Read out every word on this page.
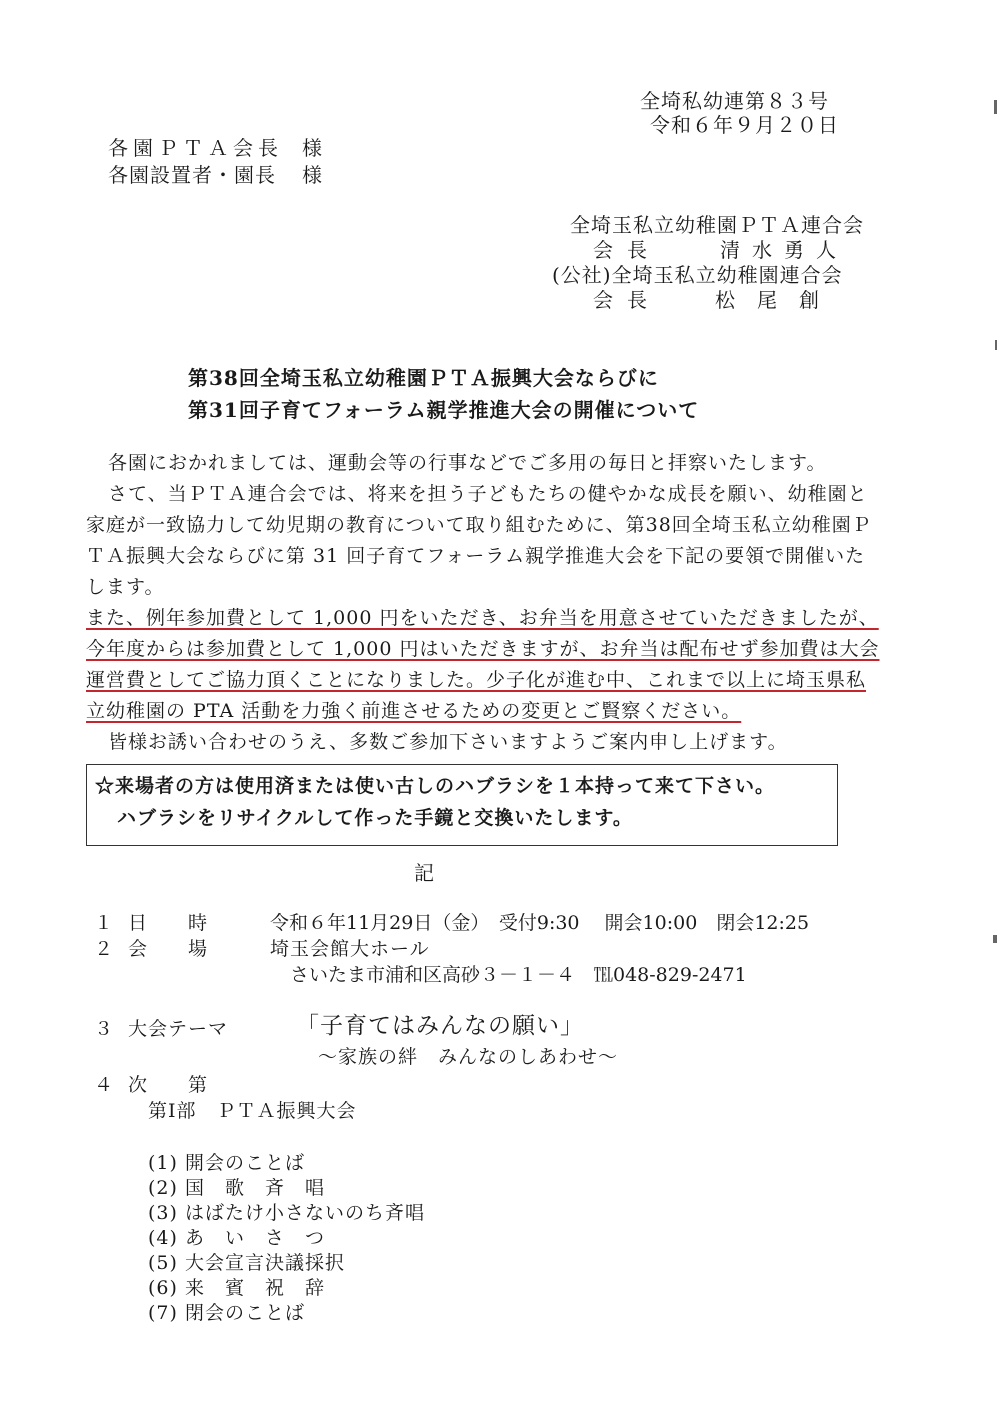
全埼私幼連第８３号
令和６年９月２０日
各園ＰＴＡ会長 様
各園設置者・園長 様
全埼玉私立幼稚園ＰＴＡ連合会
会長	清水勇人
(公社)全埼玉私立幼稚園連合会
会長	松尾創
第38回全埼玉私立幼稚園ＰＴＡ振興大会ならびに
第31回子育てフォーラム親学推進大会の開催について
各園におかれましては、運動会等の行事などでご多用の毎日と拝察いたします。
さて、当ＰＴＡ連合会では、将来を担う子どもたちの健やかな成長を願い、幼稚園と
家庭が一致協力して幼児期の教育について取り組むために、第38回全埼玉私立幼稚園Ｐ
ＴＡ振興大会ならびに第 31 回子育てフォーラム親学推進大会を下記の要領で開催いた
します。
また、例年参加費として 1,000 円をいただき、お弁当を用意させていただきましたが、
今年度からは参加費として 1,000 円はいただきますが、お弁当は配布せず参加費は大会
運営費としてご協力頂くことになりました。少子化が進む中、これまで以上に埼玉県私
立幼稚園の PTA 活動を力強く前進させるための変更とご賢察ください。
皆様お誘い合わせのうえ、多数ご参加下さいますようご案内申し上げます。
☆来場者の方は使用済または使い古しのハブラシを１本持って来て下さい。
ハブラシをリサイクルして作った手鏡と交換いたします。
記
１ 日　　時	令和６年11月29日（金）　受付9:30　 開会10:00　閉会12:25
２ 会　　場	埼玉会館大ホール
さいたま市浦和区高砂３－１－４　℡048-829-2471
３ 大会テーマ	「子育てはみんなの願い」
～家族の絆　みんなのしあわせ～
４ 次　　第
第Ⅰ部　ＰＴＡ振興大会
(1) 開会のことば
(2) 国　歌　斉　唱
(3) はばたけ小さないのち斉唱
(4) あ　い　さ　つ
(5) 大会宣言決議採択
(6) 来　賓　祝　辞
(7) 閉会のことば
